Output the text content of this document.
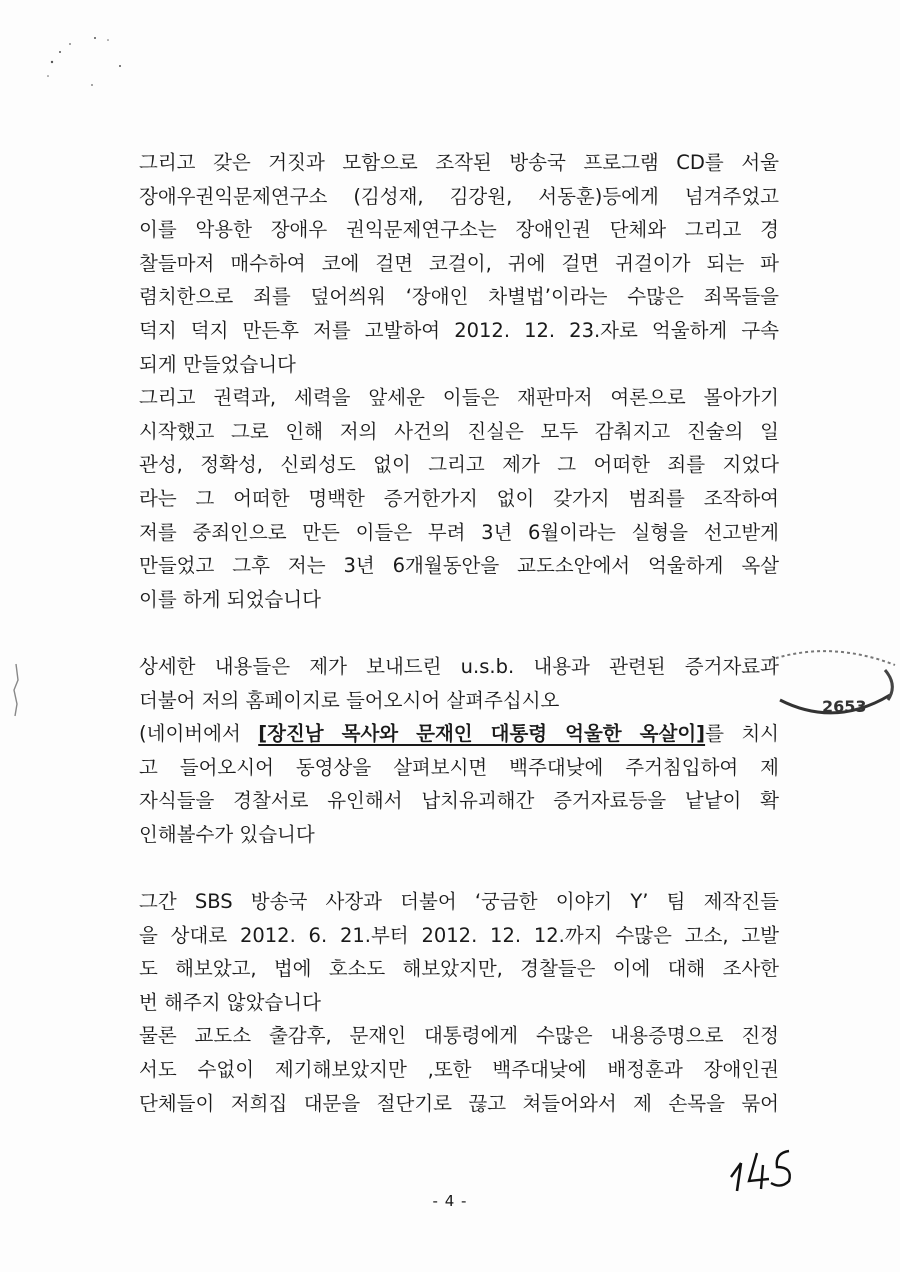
그리고 갖은 거짓과 모함으로 조작된 방송국 프로그램 CD를 서울

장애우권익문제연구소 (김성재, 김강원, 서동훈)등에게 넘겨주었고

이를 악용한 장애우 권익문제연구소는 장애인권 단체와 그리고 경

찰들마저 매수하여 코에 걸면 코걸이, 귀에 걸면 귀걸이가 되는 파

렴치한으로 죄를 덮어씌워 ‘장애인 차별법’이라는 수많은 죄목들을

덕지 덕지 만든후 저를 고발하여 2012. 12. 23.자로 억울하게 구속

되게 만들었습니다

그리고 권력과, 세력을 앞세운 이들은 재판마저 여론으로 몰아가기

시작했고 그로 인해 저의 사건의 진실은 모두 감춰지고 진술의 일

관성, 정확성, 신뢰성도 없이 그리고 제가 그 어떠한 죄를 지었다

라는 그 어떠한 명백한 증거한가지 없이 갖가지 범죄를 조작하여

저를 중죄인으로 만든 이들은 무려 3년 6월이라는 실형을 선고받게

만들었고 그후 저는 3년 6개월동안을 교도소안에서 억울하게 옥살

이를 하게 되었습니다

상세한 내용들은 제가 보내드린 u.s.b. 내용과 관련된 증거자료과

더불어 저의 홈페이지로 들어오시어 살펴주십시오

(네이버에서 [장진남 목사와 문재인 대통령 억울한 옥살이]를 치시

고 들어오시어 동영상을 살펴보시면 백주대낮에 주거침입하여 제

자식들을 경찰서로 유인해서 납치유괴해간 증거자료등을 낱낱이 확

인해볼수가 있습니다

그간 SBS 방송국 사장과 더불어 ‘궁금한 이야기 Y’ 팀 제작진들

을 상대로 2012. 6. 21.부터 2012. 12. 12.까지 수많은 고소, 고발

도 해보았고, 법에 호소도 해보았지만, 경찰들은 이에 대해 조사한

번 해주지 않았습니다

물론 교도소 출감후, 문재인 대통령에게 수많은 내용증명으로 진정

서도 수없이 제기해보았지만 ,또한 백주대낮에 배정훈과 장애인권

단체들이 저희집 대문을 절단기로 끊고 쳐들어와서 제 손목을 묶어

2653
- 4 -
